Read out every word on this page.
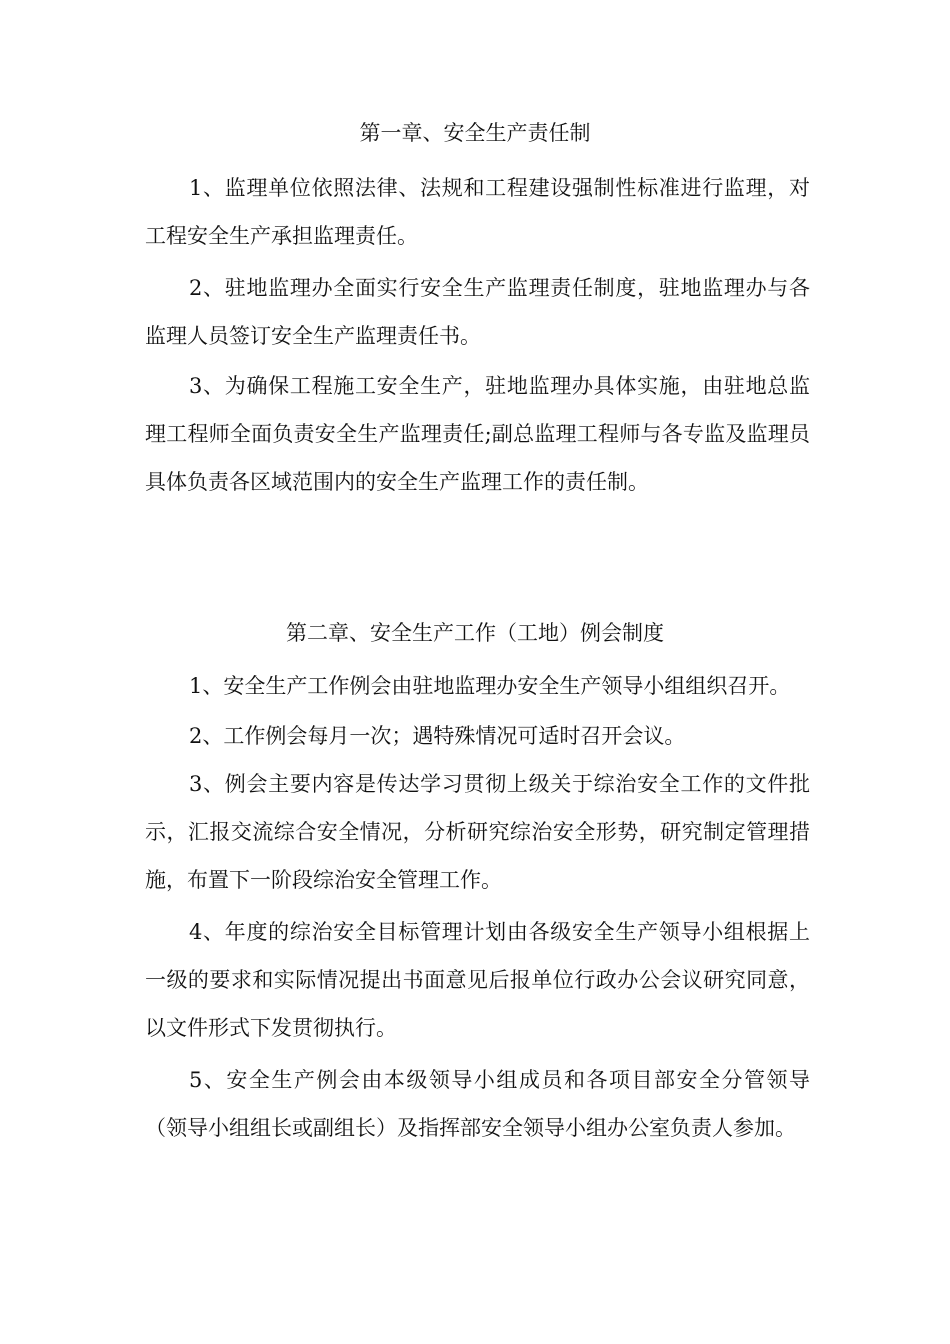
第一章、安全生产责任制

1、监理单位依照法律、法规和工程建设强制性标准进行监理，对工程安全生产承担监理责任。

2、驻地监理办全面实行安全生产监理责任制度，驻地监理办与各监理人员签订安全生产监理责任书。

3、为确保工程施工安全生产，驻地监理办具体实施，由驻地总监理工程师全面负责安全生产监理责任;副总监理工程师与各专监及监理员具体负责各区域范围内的安全生产监理工作的责任制。

第二章、安全生产工作（工地）例会制度

1、安全生产工作例会由驻地监理办安全生产领导小组组织召开。

2、工作例会每月一次；遇特殊情况可适时召开会议。

3、例会主要内容是传达学习贯彻上级关于综治安全工作的文件批示，汇报交流综合安全情况，分析研究综治安全形势，研究制定管理措施，布置下一阶段综治安全管理工作。

4、年度的综治安全目标管理计划由各级安全生产领导小组根据上一级的要求和实际情况提出书面意见后报单位行政办公会议研究同意，以文件形式下发贯彻执行。

5、安全生产例会由本级领导小组成员和各项目部安全分管领导（领导小组组长或副组长）及指挥部安全领导小组办公室负责人参加。
